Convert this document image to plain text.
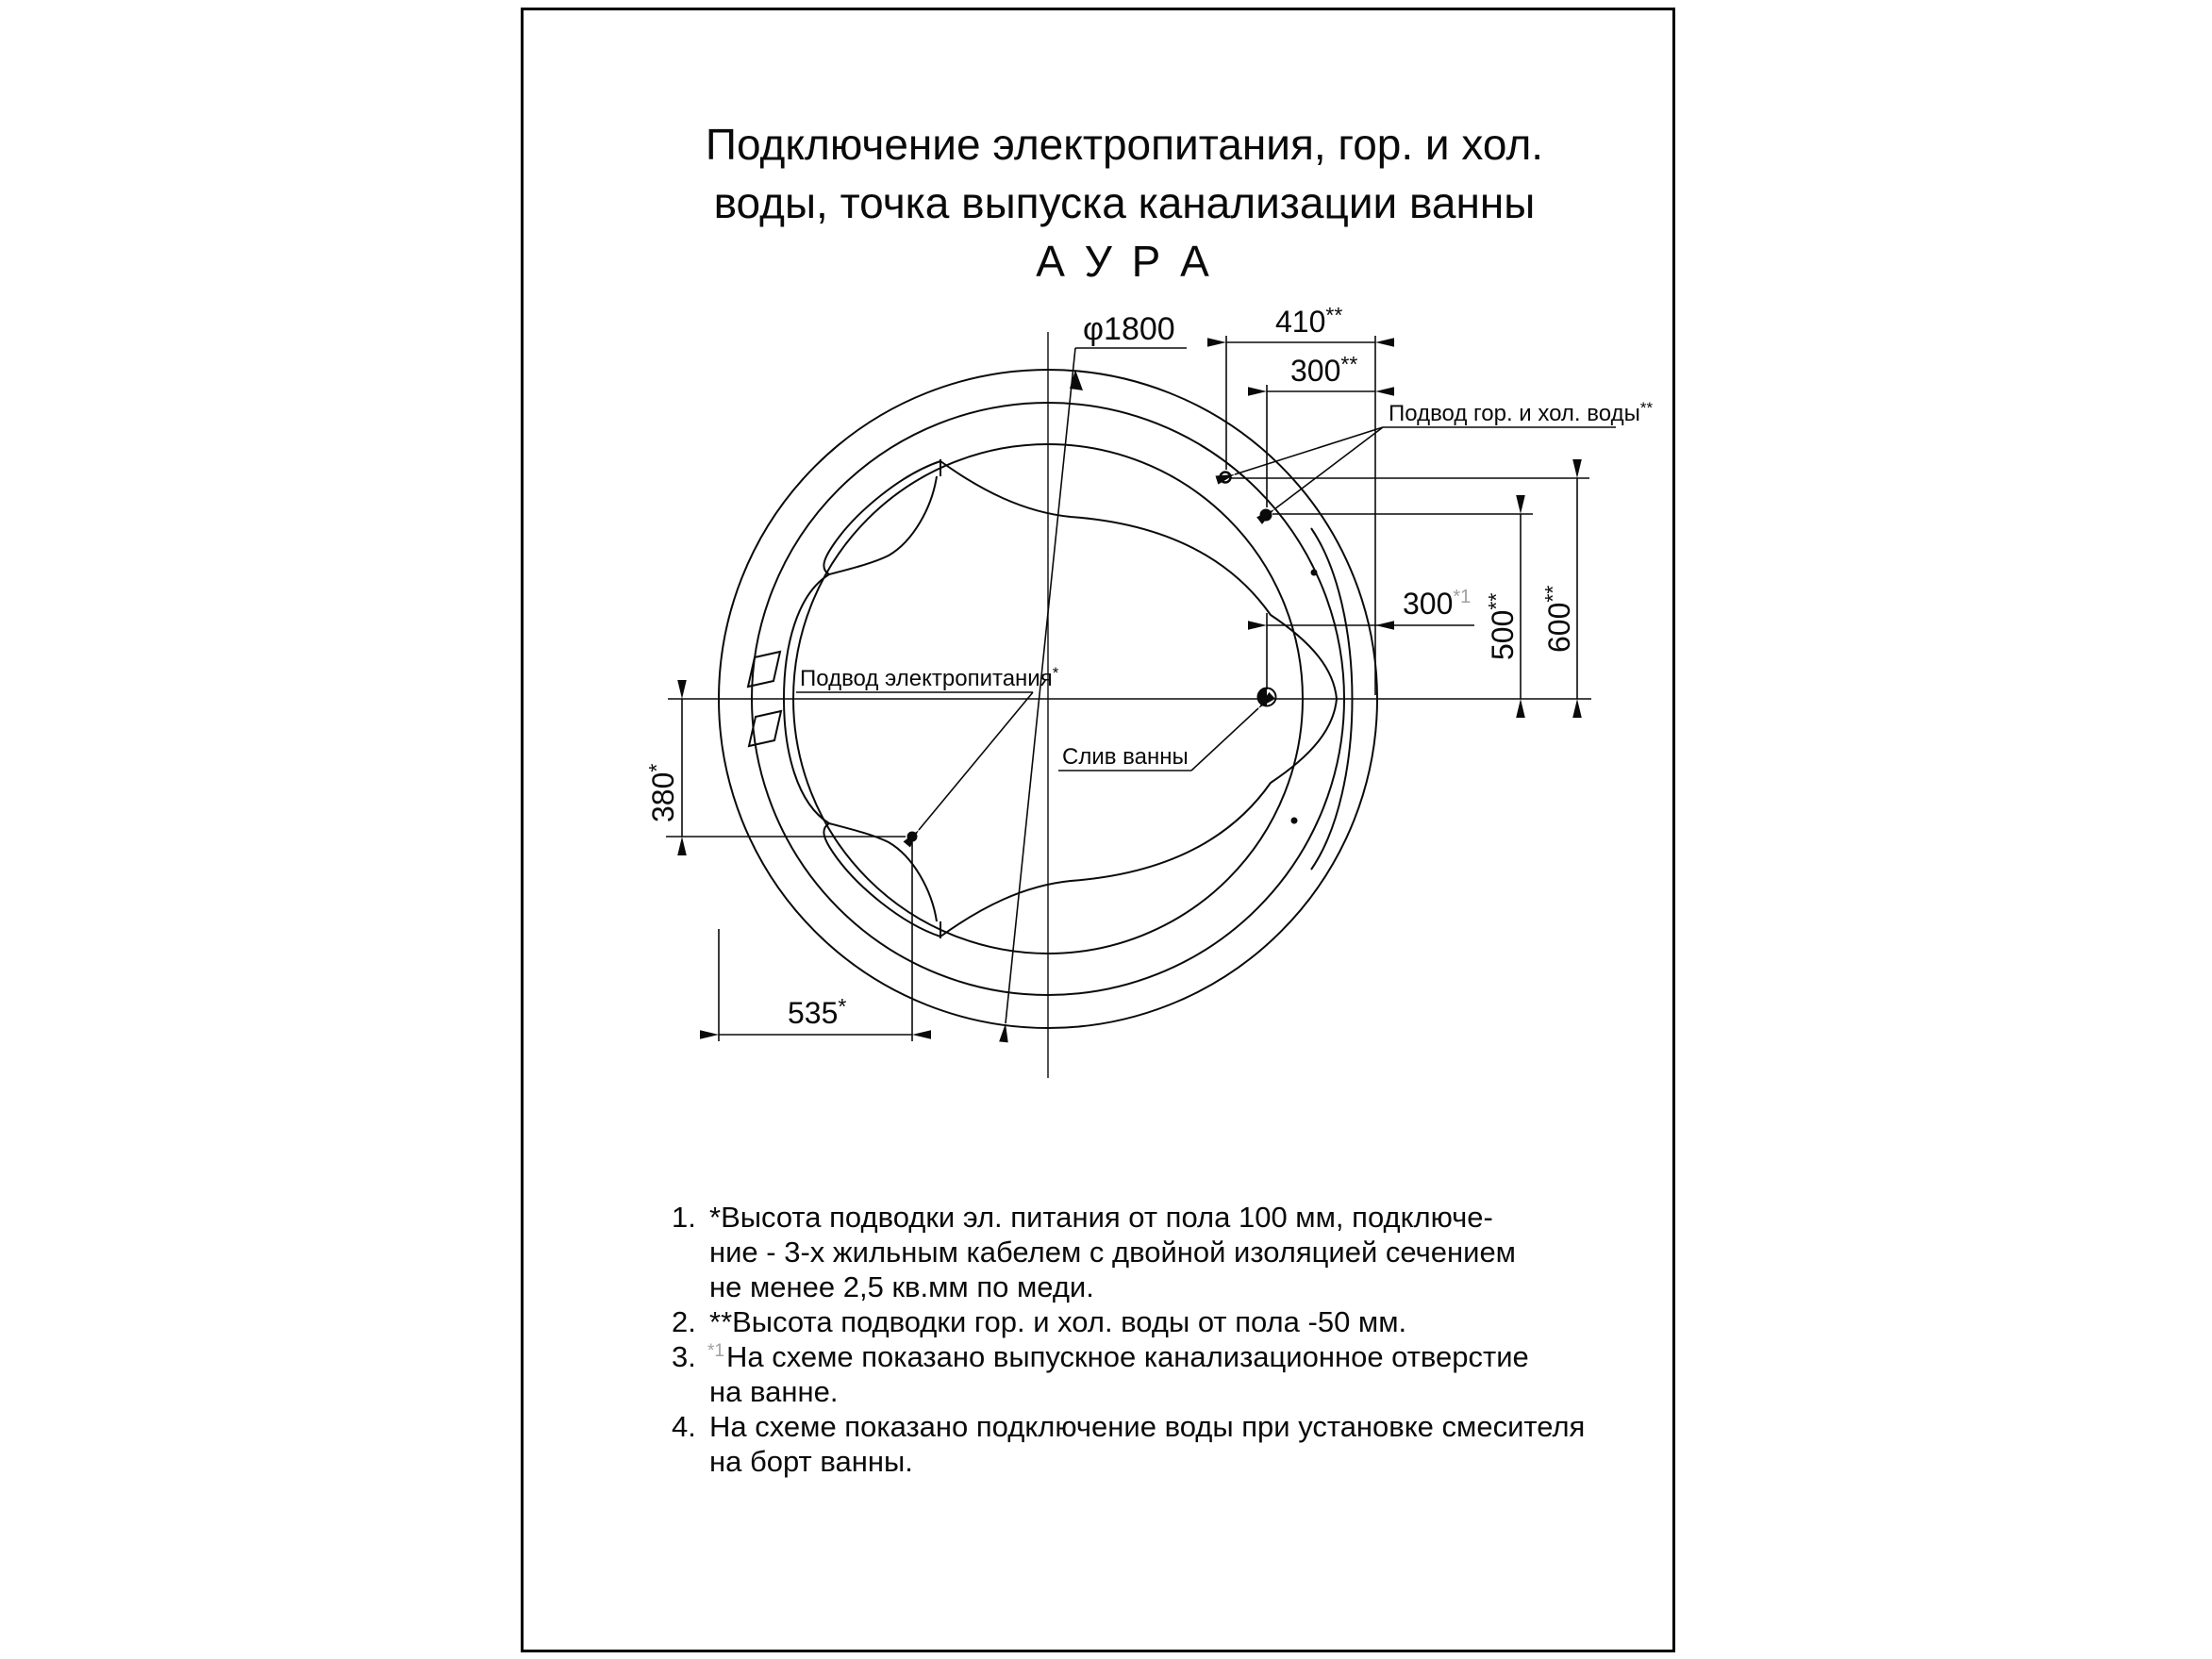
Подключение электропитания, гор. и хол.
воды, точка выпуска канализации ванны
А У Р А
φ1800	410**
300**
Подвод гор. и хол. воды**
500**
600**
300$^{*1}$
Слив ванны
Подвод электропитания*
380*
535*
1. *Высота подводки эл. питания от пола 100 мм, подключе-
ние - 3-х жильным кабелем с двойной изоляцией сечением
не менее 2,5 кв.мм по меди.
2. **Высота подводки гор. и хол. воды от пола -50 мм.
3. *1 На схеме показано выпускное канализационное отверстие
на ванне.
4. На схеме показано подключение воды при установке смесителя
на борт ванны.
